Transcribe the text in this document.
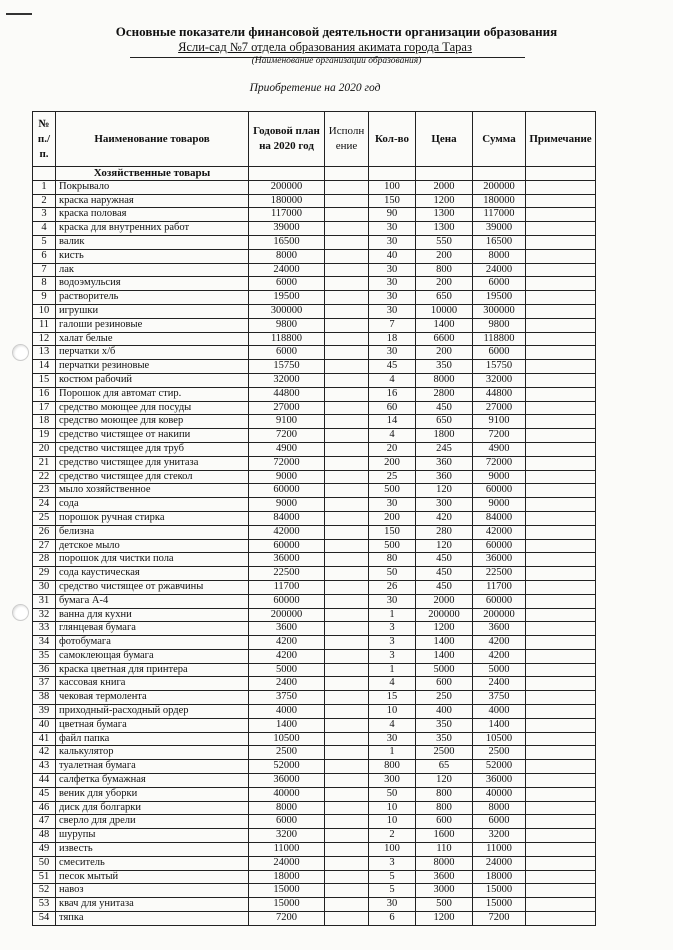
Основные показатели финансовой деятельности организации образования
Ясли-сад №7 отдела образования акимата города Тараз
(Наименование организации образования)
Приобретение на 2020 год
№ п./п.	Наименование товаров	Годовой план на 2020 год	Исполн ение	Кол-во	Цена	Сумма	Примечание
	Хозяйственные товары						
1	Покрывало	200000		100	2000	200000	
2	краска наружная	180000		150	1200	180000	
3	краска половая	117000		90	1300	117000	
4	краска для внутренних работ	39000		30	1300	39000	
5	валик	16500		30	550	16500	
6	кисть	8000		40	200	8000	
7	лак	24000		30	800	24000	
8	водоэмульсия	6000		30	200	6000	
9	растворитель	19500		30	650	19500	
10	игрушки	300000		30	10000	300000	
11	галоши резиновые	9800		7	1400	9800	
12	халат белые	118800		18	6600	118800	
13	перчатки х/б	6000		30	200	6000	
14	перчатки резиновые	15750		45	350	15750	
15	костюм рабочий	32000		4	8000	32000	
16	Порошок для автомат стир.	44800		16	2800	44800	
17	средство моющее для посуды	27000		60	450	27000	
18	средство моющее для ковер	9100		14	650	9100	
19	средство чистящее от накипи	7200		4	1800	7200	
20	средство чистящее для труб	4900		20	245	4900	
21	средство чистящее для унитаза	72000		200	360	72000	
22	средство чистящее для стекол	9000		25	360	9000	
23	мыло хозяйственное	60000		500	120	60000	
24	сода	9000		30	300	9000	
25	порошок ручная стирка	84000		200	420	84000	
26	белизна	42000		150	280	42000	
27	детское мыло	60000		500	120	60000	
28	порошок для чистки пола	36000		80	450	36000	
29	сода каустическая	22500		50	450	22500	
30	средство чистящее от ржавчины	11700		26	450	11700	
31	бумага А-4	60000		30	2000	60000	
32	ванна для кухни	200000		1	200000	200000	
33	глянцевая бумага	3600		3	1200	3600	
34	фотобумага	4200		3	1400	4200	
35	самоклеющая бумага	4200		3	1400	4200	
36	краска цветная для принтера	5000		1	5000	5000	
37	кассовая книга	2400		4	600	2400	
38	чековая термолента	3750		15	250	3750	
39	приходный-расходный ордер	4000		10	400	4000	
40	цветная бумага	1400		4	350	1400	
41	файл папка	10500		30	350	10500	
42	калькулятор	2500		1	2500	2500	
43	туалетная бумага	52000		800	65	52000	
44	салфетка бумажная	36000		300	120	36000	
45	веник для уборки	40000		50	800	40000	
46	диск для болгарки	8000		10	800	8000	
47	сверло для дрели	6000		10	600	6000	
48	шурупы	3200		2	1600	3200	
49	известь	11000		100	110	11000	
50	смеситель	24000		3	8000	24000	
51	песок мытый	18000		5	3600	18000	
52	навоз	15000		5	3000	15000	
53	квач для унитаза	15000		30	500	15000	
54	тяпка	7200		6	1200	7200	
